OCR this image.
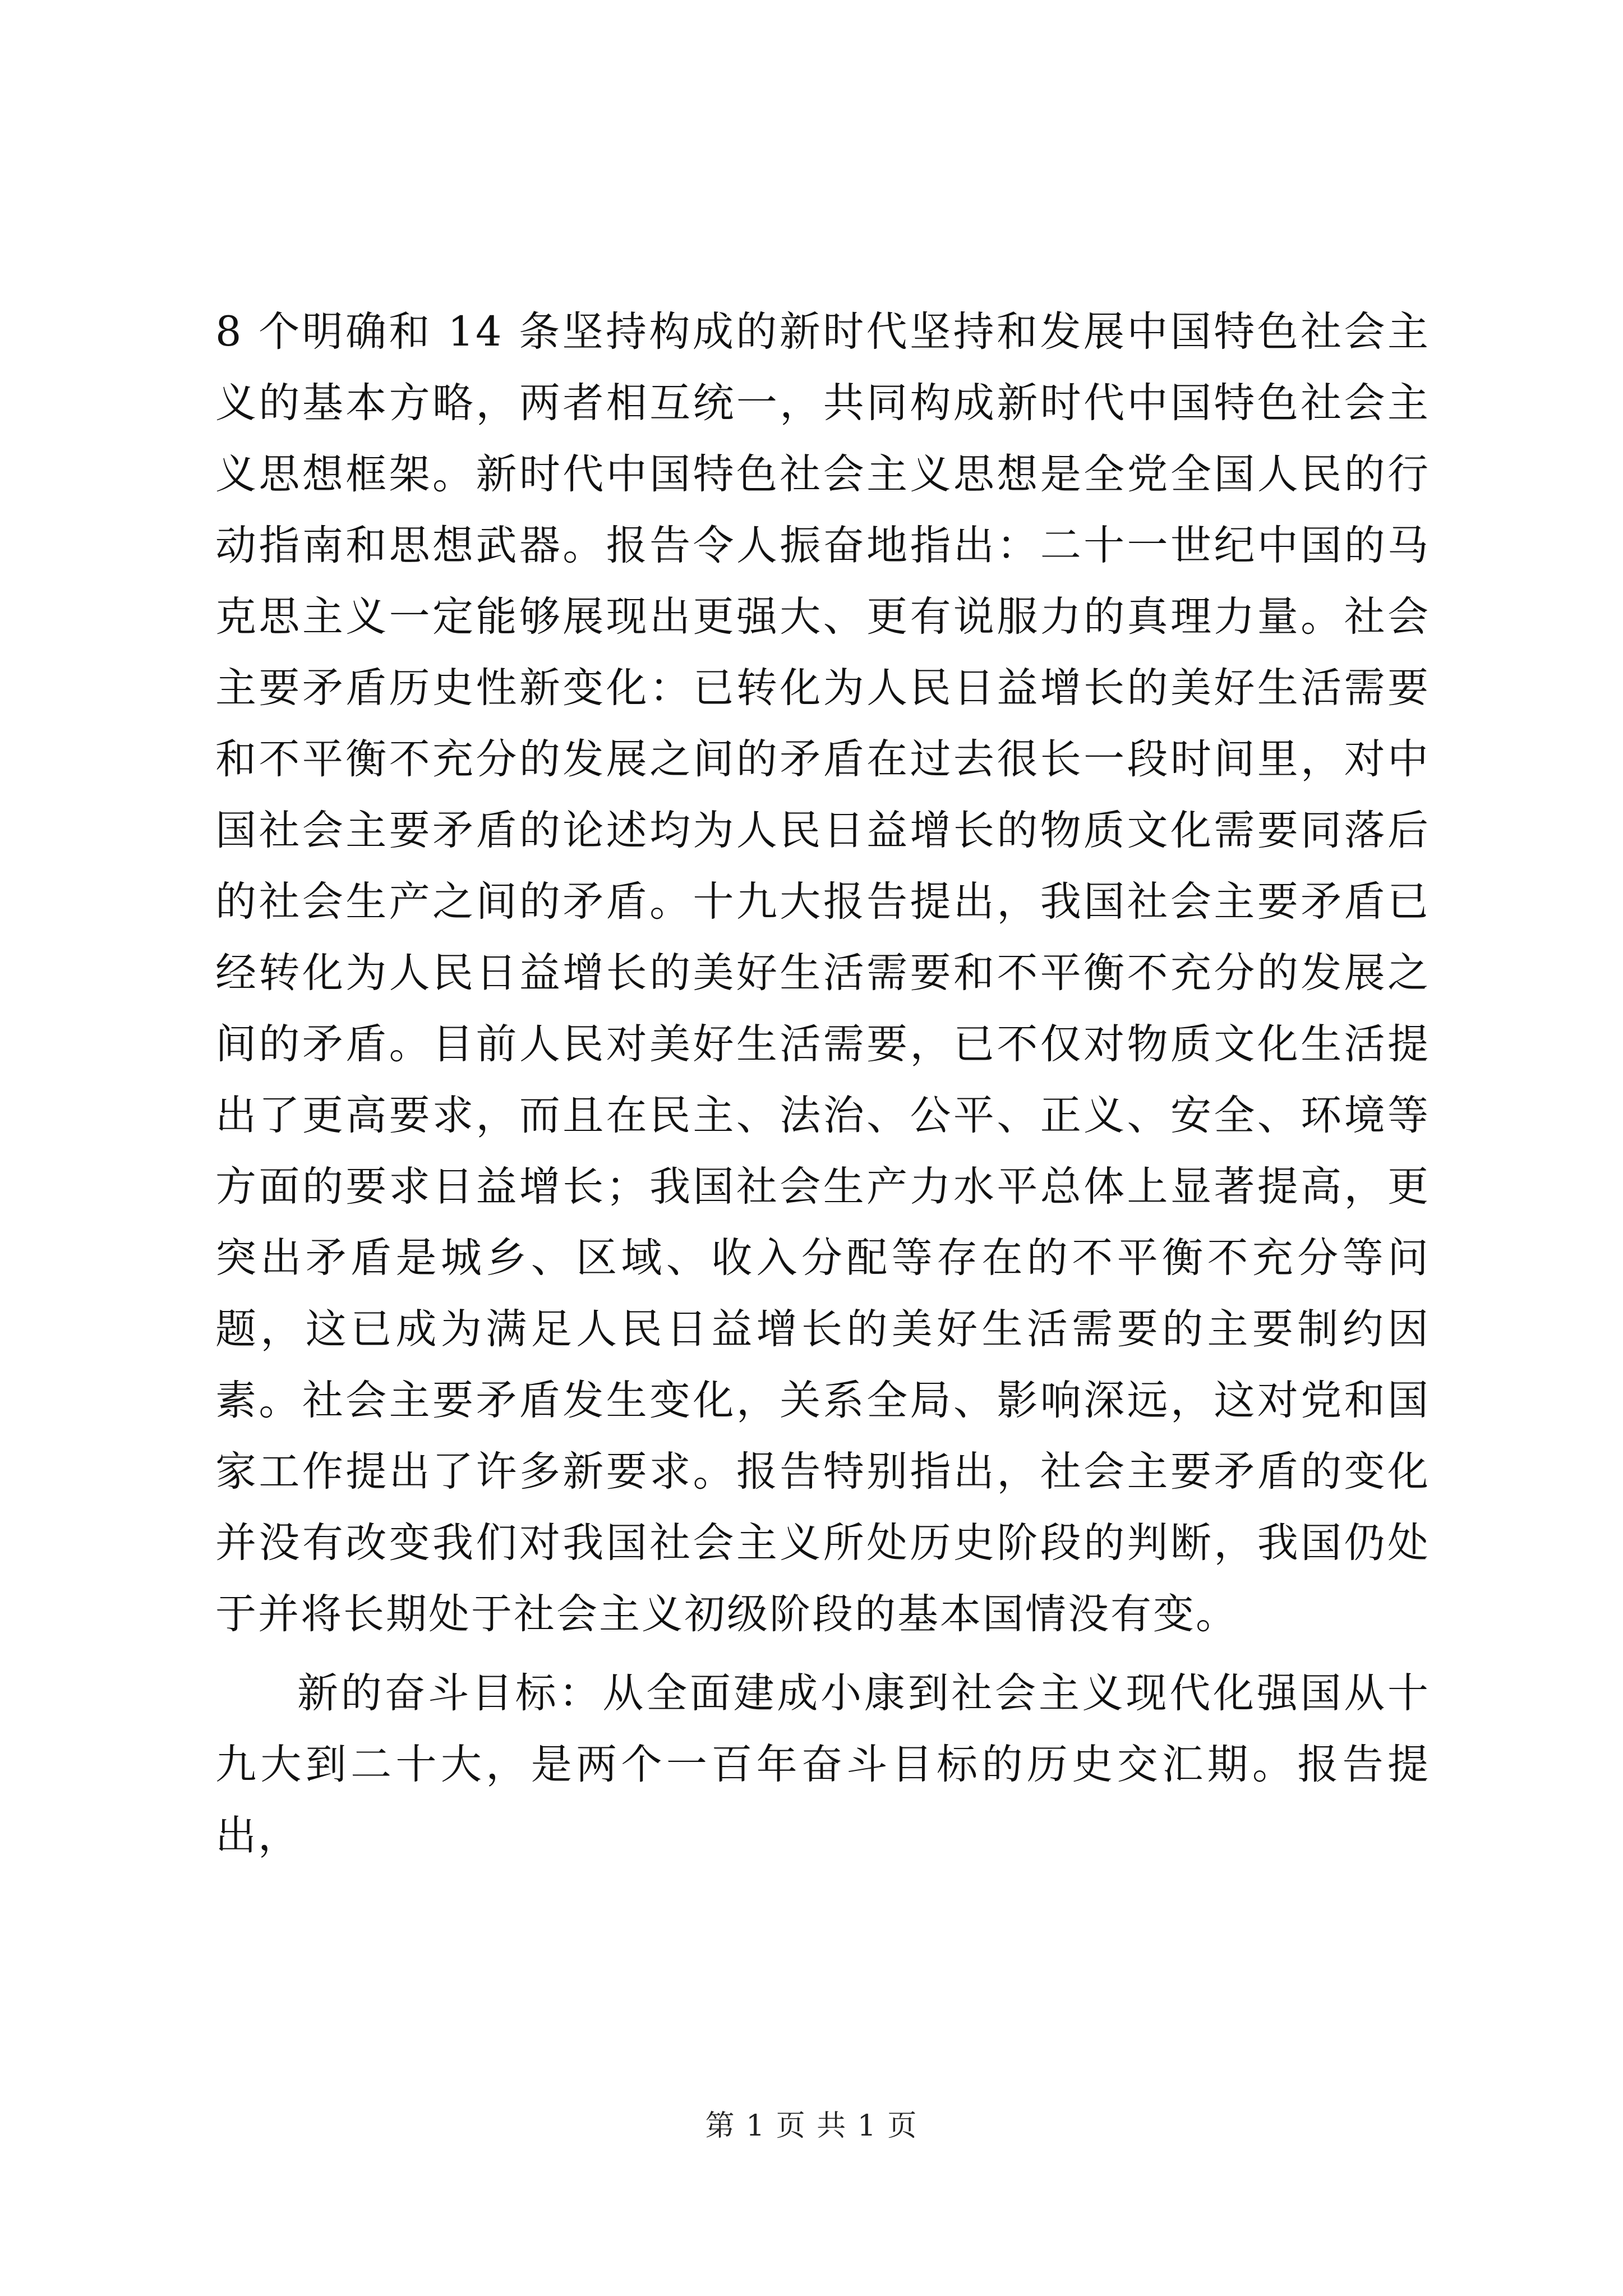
8 个明确和 14 条坚持构成的新时代坚持和发展中国特色社会主义的基本方略，两者相互统一，共同构成新时代中国特色社会主义思想框架。新时代中国特色社会主义思想是全党全国人民的行动指南和思想武器。报告令人振奋地指出：二十一世纪中国的马克思主义一定能够展现出更强大、更有说服力的真理力量。社会主要矛盾历史性新变化：已转化为人民日益增长的美好生活需要和不平衡不充分的发展之间的矛盾在过去很长一段时间里，对中国社会主要矛盾的论述均为人民日益增长的物质文化需要同落后的社会生产之间的矛盾。十九大报告提出，我国社会主要矛盾已经转化为人民日益增长的美好生活需要和不平衡不充分的发展之间的矛盾。目前人民对美好生活需要，已不仅对物质文化生活提出了更高要求，而且在民主、法治、公平、正义、安全、环境等方面的要求日益增长；我国社会生产力水平总体上显著提高，更突出矛盾是城乡、区域、收入分配等存在的不平衡不充分等问题，这已成为满足人民日益增长的美好生活需要的主要制约因素。社会主要矛盾发生变化，关系全局、影响深远，这对党和国家工作提出了许多新要求。报告特别指出，社会主要矛盾的变化并没有改变我们对我国社会主义所处历史阶段的判断，我国仍处于并将长期处于社会主义初级阶段的基本国情没有变。

新的奋斗目标：从全面建成小康到社会主义现代化强国从十九大到二十大，是两个一百年奋斗目标的历史交汇期。报告提出，

第 1 页 共 1 页
